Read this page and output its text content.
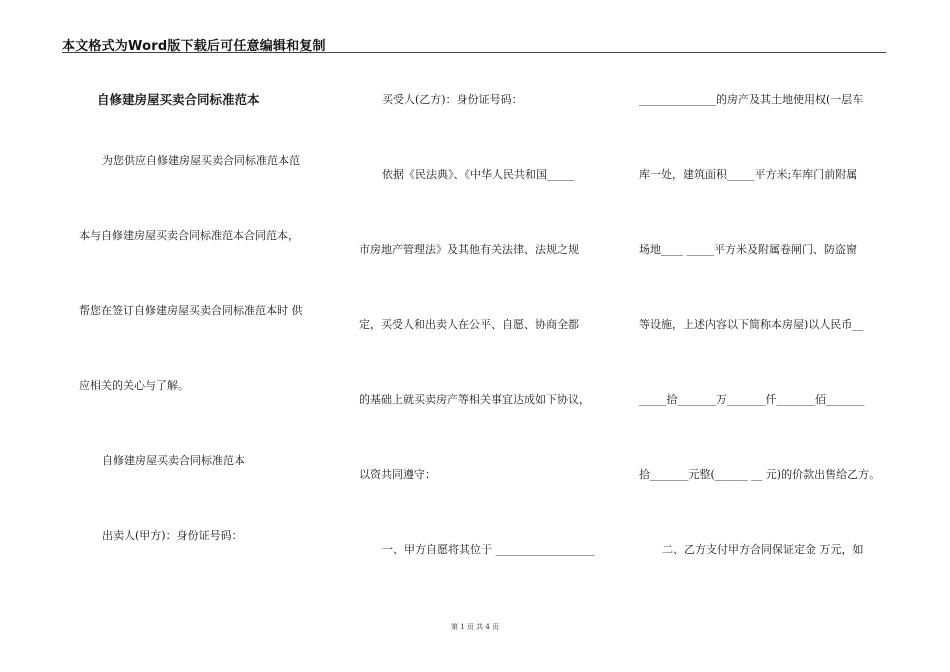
本文格式为Word版下载后可任意编辑和复制
自修建房屋买卖合同标准范本
为您供应自修建房屋买卖合同标准范本范
本与自修建房屋买卖合同标准范本合同范本，
帮您在签订自修建房屋买卖合同标准范本时 供
应相关的关心与了解。
自修建房屋买卖合同标准范本
出卖人(甲方)：身份证号码：
买受人(乙方)：身份证号码：
依据《民法典》、《中华人民共和国_____
市房地产管理法》及其他有关法律、法规之规
定，买受人和出卖人在公平、自愿、协商全都
的基础上就买卖房产等相关事宜达成如下协议，
以资共同遵守：
一、甲方自愿将其位于 __________________
______________的房产及其土地使用权(一层车
库一处，建筑面积_____平方米;车库门前附属
场地____ _____平方米及附属卷闸门、防盗窗
等设施，上述内容以下简称本房屋)以人民币__
_____拾_______万_______仟_______佰_______
拾_______元整(______ __ 元)的价款出售给乙方。
二、乙方支付甲方合同保证定金 万元，如
第 1 页 共 4 页
